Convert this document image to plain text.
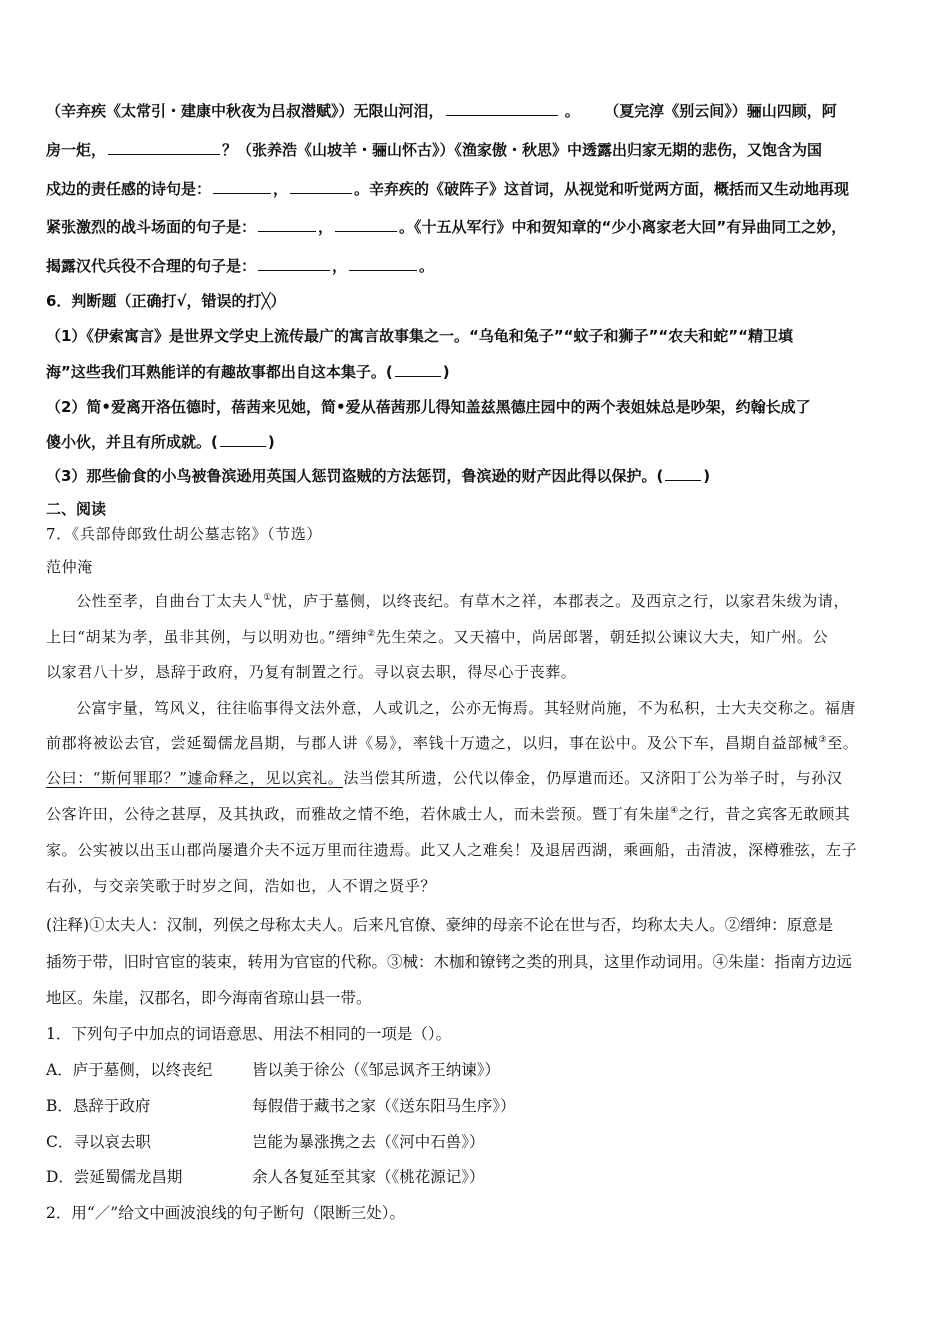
（辛弃疾《太常引・建康中秋夜为吕叔潜赋》）无限山河泪，	。 （夏完淳《别云间》）骊山四顾，阿
房一炬，	？（张养浩《山坡羊・骊山怀古》）《渔家傲・秋思》中透露出归家无期的悲伤，又饱含为国
戍边的责任感的诗句是：	，	。辛弃疾的《破阵子》这首词，从视觉和听觉两方面，概括而又生动地再现
紧张激烈的战斗场面的句子是：	，	。《十五从军行》中和贺知章的“少小离家老大回”有异曲同工之妙，
揭露汉代兵役不合理的句子是：	，	。
6．判断题（正确打√，错误的打╳）
（1）《伊索寓言》是世界文学史上流传最广的寓言故事集之一。“乌龟和兔子”“蚊子和狮子”“农夫和蛇”“精卫填
海”这些我们耳熟能详的有趣故事都出自这本集子。(	)
（2）简•爱离开洛伍德时，蓓茜来见她，简•爱从蓓茜那儿得知盖兹黑德庄园中的两个表姐妹总是吵架，约翰长成了
傻小伙，并且有所成就。(	)
（3）那些偷食的小鸟被鲁滨逊用英国人惩罚盗贼的方法惩罚，鲁滨逊的财产因此得以保护。(	)
二、阅读
7．《兵部侍郎致仕胡公墓志铭》（节选）
范仲淹
公性至孝，自曲台丁太夫人①忧，庐于墓侧，以终丧纪。有草木之祥，本郡表之。及西京之行，以家君朱绂为请，
上曰“胡某为孝，虽非其例，与以明劝也。”缙绅②先生荣之。又天禧中，尚居郎署，朝廷拟公谏议大夫，知广州。公
以家君八十岁，恳辞于政府，乃复有制置之行。寻以哀去职，得尽心于丧葬。
公富宇量，笃风义，往往临事得文法外意，人或讥之，公亦无悔焉。其轻财尚施，不为私积，士大夫交称之。福唐
前郡将被讼去官，尝延蜀儒龙昌期，与郡人讲《易》，率钱十万遗之，以归，事在讼中。及公下车，昌期自益部械③至。
公曰：“斯何罪耶？”遽命释之，见以宾礼。法当偿其所遗，公代以俸金，仍厚遣而还。又济阳丁公为举子时，与孙汉
公客许田，公待之甚厚，及其执政，而雅故之情不绝，若休戚士人，而未尝预。暨丁有朱崖④之行，昔之宾客无敢顾其
家。公实被以出玉山郡尚屡遣介夫不远万里而往遗焉。此又人之难矣！及退居西湖，乘画船，击清波，深樽雅弦，左子
右孙，与交亲笑歌于时岁之间，浩如也，人不谓之贤乎？
(注释)①太夫人：汉制，列侯之母称太夫人。后来凡官僚、豪绅的母亲不论在世与否，均称太夫人。②缙绅：原意是
插笏于带，旧时官宦的装束，转用为官宦的代称。③械：木枷和镣铐之类的刑具，这里作动词用。④朱崖：指南方边远
地区。朱崖，汉郡名，即今海南省琼山县一带。
1．下列句子中加点的词语意思、用法不相同的一项是（）。
A．庐于墓侧，以终丧纪	皆以美于徐公（《邹忌讽齐王纳谏》）
B．恳辞于政府	每假借于藏书之家（《送东阳马生序》）
C．寻以哀去职	岂能为暴涨携之去（《河中石兽》）
D．尝延蜀儒龙昌期	余人各复延至其家（《桃花源记》）
2．用“／”给文中画波浪线的句子断句（限断三处）。
